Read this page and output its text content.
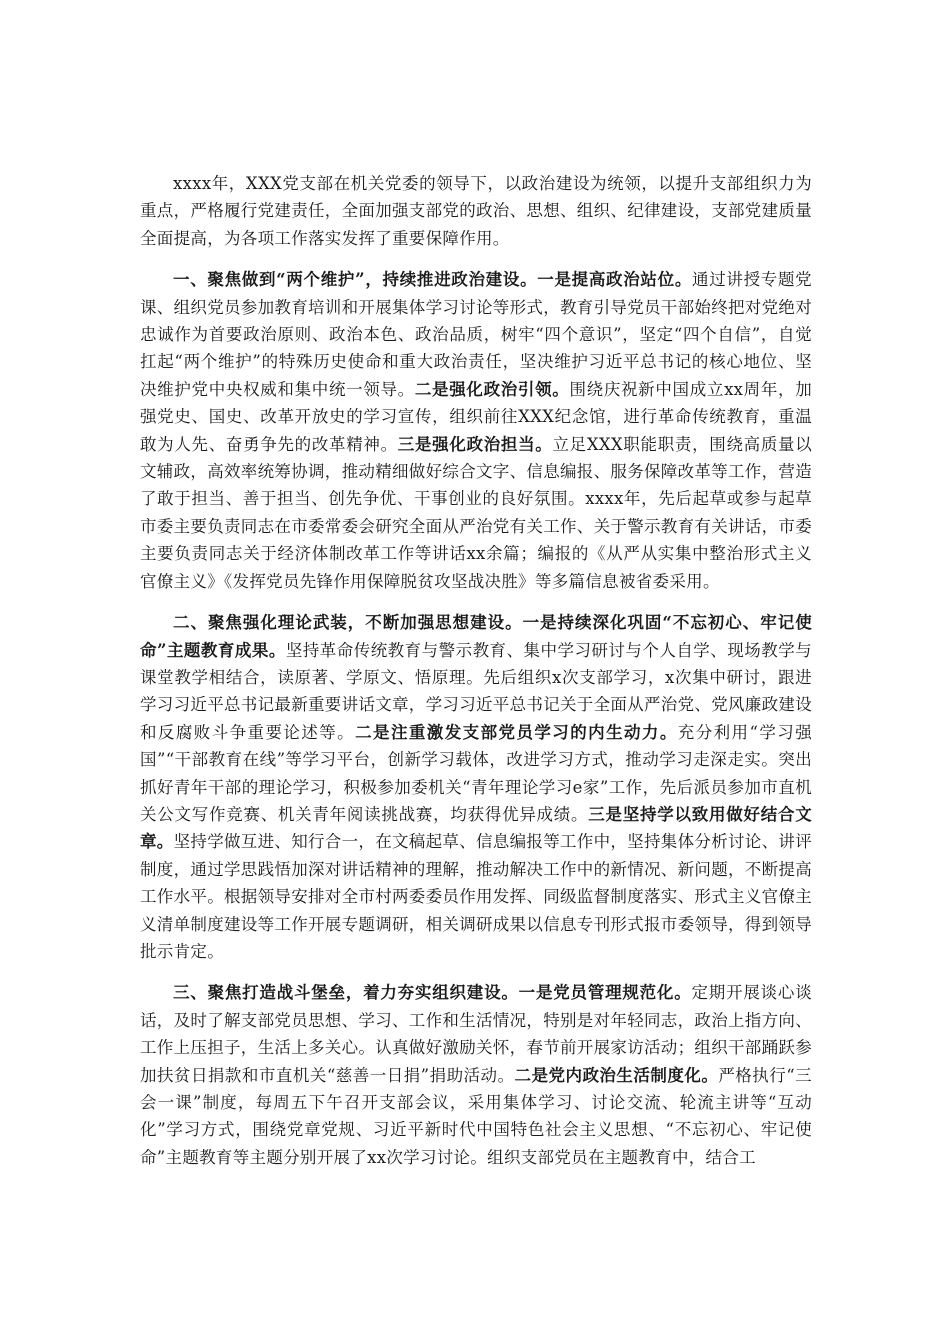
xxxx年，XXX党支部在机关党委的领导下，以政治建设为统领，以提升支部组织力为重点，严格履行党建责任，全面加强支部党的政治、思想、组织、纪律建设，支部党建质量全面提高，为各项工作落实发挥了重要保障作用。

一、聚焦做到“两个维护”，持续推进政治建设。一是提高政治站位。通过讲授专题党课、组织党员参加教育培训和开展集体学习讨论等形式，教育引导党员干部始终把对党绝对忠诚作为首要政治原则、政治本色、政治品质，树牢“四个意识”，坚定“四个自信”，自觉扛起“两个维护”的特殊历史使命和重大政治责任，坚决维护习近平总书记的核心地位、坚决维护党中央权威和集中统一领导。二是强化政治引领。围绕庆祝新中国成立xx周年，加强党史、国史、改革开放史的学习宣传，组织前往XXX纪念馆，进行革命传统教育，重温敢为人先、奋勇争先的改革精神。三是强化政治担当。立足XXX职能职责，围绕高质量以文辅政，高效率统筹协调，推动精细做好综合文字、信息编报、服务保障改革等工作，营造了敢于担当、善于担当、创先争优、干事创业的良好氛围。xxxx年，先后起草或参与起草市委主要负责同志在市委常委会研究全面从严治党有关工作、关于警示教育有关讲话，市委主要负责同志关于经济体制改革工作等讲话xx余篇；编报的《从严从实集中整治形式主义官僚主义》《发挥党员先锋作用保障脱贫攻坚战决胜》等多篇信息被省委采用。

二、聚焦强化理论武装，不断加强思想建设。一是持续深化巩固“不忘初心、牢记使命”主题教育成果。坚持革命传统教育与警示教育、集中学习研讨与个人自学、现场教学与课堂教学相结合，读原著、学原文、悟原理。先后组织x次支部学习，x次集中研讨，跟进学习习近平总书记最新重要讲话文章，学习习近平总书记关于全面从严治党、党风廉政建设和反腐败斗争重要论述等。二是注重激发支部党员学习的内生动力。充分利用“学习强国”“干部教育在线”等学习平台，创新学习载体，改进学习方式，推动学习走深走实。突出抓好青年干部的理论学习，积极参加委机关“青年理论学习e家”工作，先后派员参加市直机关公文写作竞赛、机关青年阅读挑战赛，均获得优异成绩。三是坚持学以致用做好结合文章。坚持学做互进、知行合一，在文稿起草、信息编报等工作中，坚持集体分析讨论、讲评制度，通过学思践悟加深对讲话精神的理解，推动解决工作中的新情况、新问题，不断提高工作水平。根据领导安排对全市村两委委员作用发挥、同级监督制度落实、形式主义官僚主义清单制度建设等工作开展专题调研，相关调研成果以信息专刊形式报市委领导，得到领导批示肯定。

三、聚焦打造战斗堡垒，着力夯实组织建设。一是党员管理规范化。定期开展谈心谈话，及时了解支部党员思想、学习、工作和生活情况，特别是对年轻同志，政治上指方向、工作上压担子，生活上多关心。认真做好激励关怀，春节前开展家访活动；组织干部踊跃参加扶贫日捐款和市直机关“慈善一日捐”捐助活动。二是党内政治生活制度化。严格执行“三会一课”制度，每周五下午召开支部会议，采用集体学习、讨论交流、轮流主讲等“互动化”学习方式，围绕党章党规、习近平新时代中国特色社会主义思想、“不忘初心、牢记使命”主题教育等主题分别开展了xx次学习讨论。组织支部党员在主题教育中，结合工
